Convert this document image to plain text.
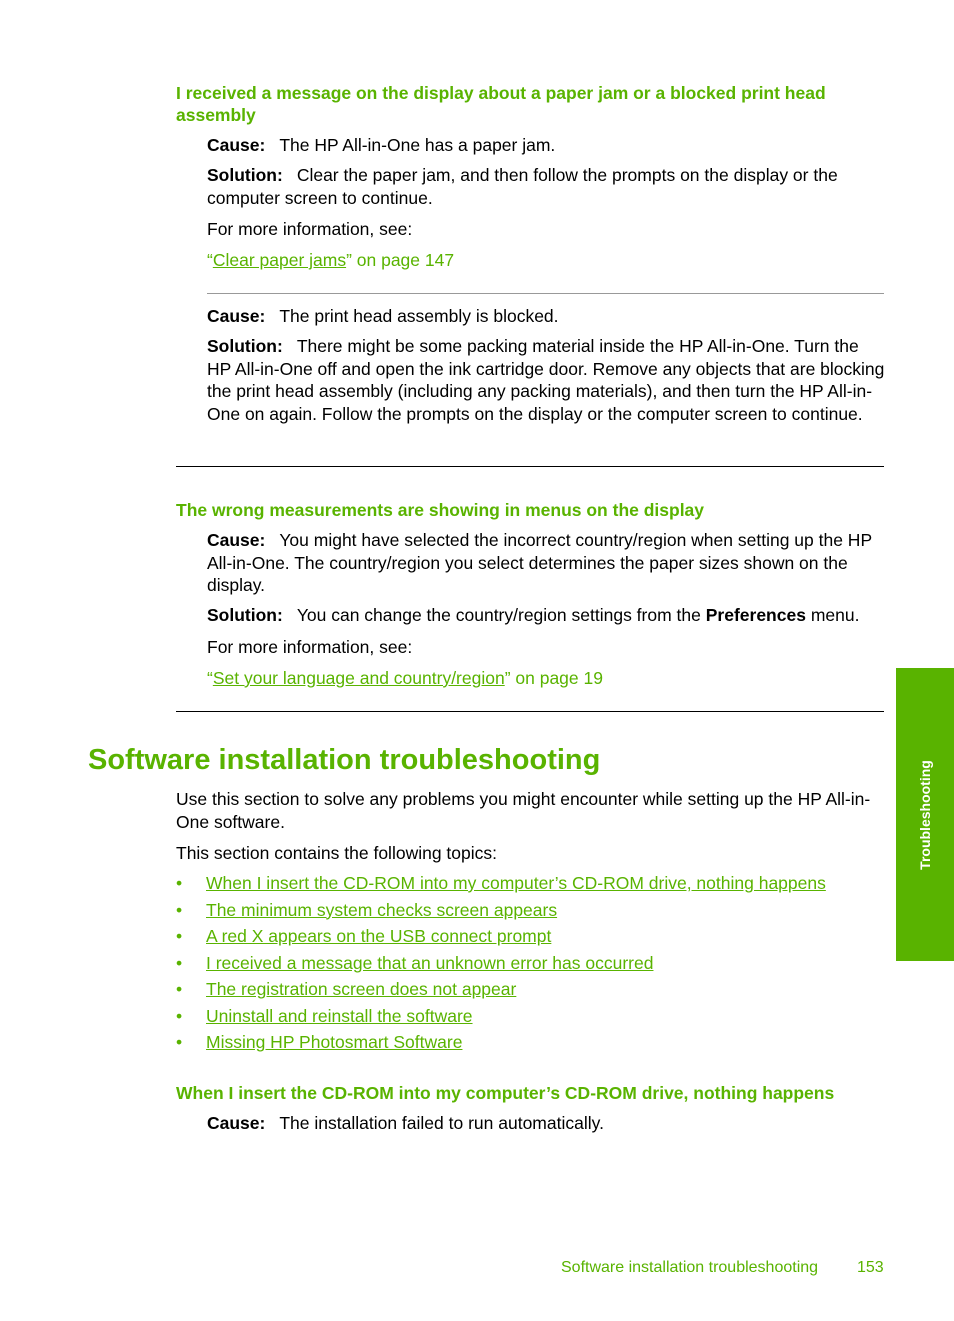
I received a message on the display about a paper jam or a blocked print head assembly
Cause: The HP All-in-One has a paper jam.
Solution: Clear the paper jam, and then follow the prompts on the display or the computer screen to continue.
For more information, see:
“Clear paper jams” on page 147
Cause: The print head assembly is blocked.
Solution: There might be some packing material inside the HP All-in-One. Turn the HP All-in-One off and open the ink cartridge door. Remove any objects that are blocking the print head assembly (including any packing materials), and then turn the HP All-in-One on again. Follow the prompts on the display or the computer screen to continue.
The wrong measurements are showing in menus on the display
Cause: You might have selected the incorrect country/region when setting up the HP All-in-One. The country/region you select determines the paper sizes shown on the display.
Solution: You can change the country/region settings from the Preferences menu.
For more information, see:
“Set your language and country/region” on page 19
Software installation troubleshooting
Use this section to solve any problems you might encounter while setting up the HP All-in-One software.
This section contains the following topics:
• When I insert the CD-ROM into my computer’s CD-ROM drive, nothing happens
• The minimum system checks screen appears
• A red X appears on the USB connect prompt
• I received a message that an unknown error has occurred
• The registration screen does not appear
• Uninstall and reinstall the software
• Missing HP Photosmart Software
When I insert the CD-ROM into my computer’s CD-ROM drive, nothing happens
Cause: The installation failed to run automatically.
Troubleshooting
Software installation troubleshooting 153
